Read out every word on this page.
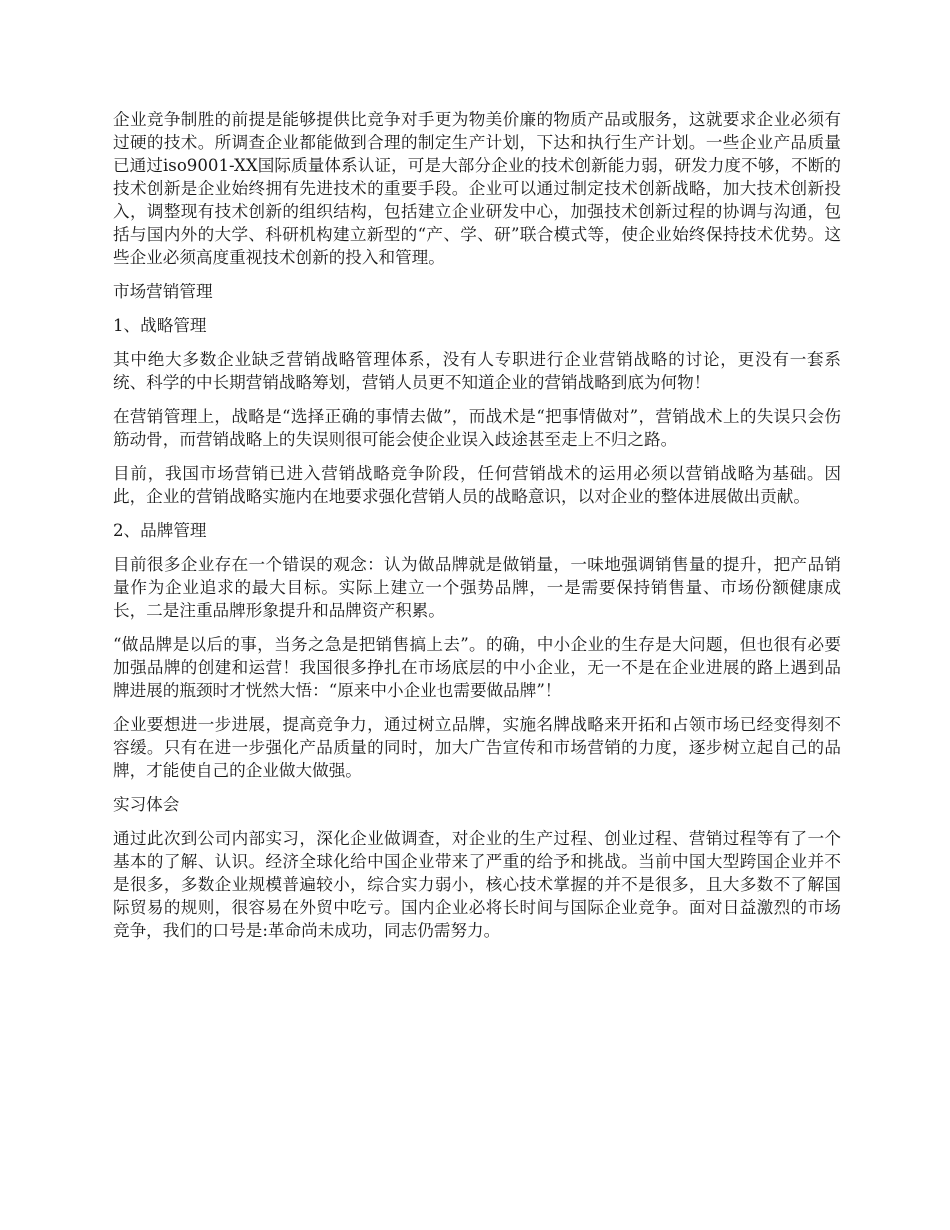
企业竞争制胜的前提是能够提供比竞争对手更为物美价廉的物质产品或服务，这就要求企业必须有过硬的技术。所调查企业都能做到合理的制定生产计划，下达和执行生产计划。一些企业产品质量已通过iso9001-XX国际质量体系认证，可是大部分企业的技术创新能力弱，研发力度不够，不断的技术创新是企业始终拥有先进技术的重要手段。企业可以通过制定技术创新战略，加大技术创新投入，调整现有技术创新的组织结构，包括建立企业研发中心，加强技术创新过程的协调与沟通，包括与国内外的大学、科研机构建立新型的“产、学、研”联合模式等，使企业始终保持技术优势。这些企业必须高度重视技术创新的投入和管理。

市场营销管理

1、战略管理

其中绝大多数企业缺乏营销战略管理体系，没有人专职进行企业营销战略的讨论，更没有一套系统、科学的中长期营销战略筹划，营销人员更不知道企业的营销战略到底为何物！

在营销管理上，战略是“选择正确的事情去做”，而战术是“把事情做对”，营销战术上的失误只会伤筋动骨，而营销战略上的失误则很可能会使企业误入歧途甚至走上不归之路。

目前，我国市场营销已进入营销战略竞争阶段，任何营销战术的运用必须以营销战略为基础。因此，企业的营销战略实施内在地要求强化营销人员的战略意识，以对企业的整体进展做出贡献。

2、品牌管理

目前很多企业存在一个错误的观念：认为做品牌就是做销量，一味地强调销售量的提升，把产品销量作为企业追求的最大目标。实际上建立一个强势品牌，一是需要保持销售量、市场份额健康成长，二是注重品牌形象提升和品牌资产积累。

“做品牌是以后的事，当务之急是把销售搞上去”。的确，中小企业的生存是大问题，但也很有必要加强品牌的创建和运营！我国很多挣扎在市场底层的中小企业，无一不是在企业进展的路上遇到品牌进展的瓶颈时才恍然大悟：“原来中小企业也需要做品牌”！

企业要想进一步进展，提高竞争力，通过树立品牌，实施名牌战略来开拓和占领市场已经变得刻不容缓。只有在进一步强化产品质量的同时，加大广告宣传和市场营销的力度，逐步树立起自己的品牌，才能使自己的企业做大做强。

实习体会

通过此次到公司内部实习，深化企业做调查，对企业的生产过程、创业过程、营销过程等有了一个基本的了解、认识。经济全球化给中国企业带来了严重的给予和挑战。当前中国大型跨国企业并不是很多，多数企业规模普遍较小，综合实力弱小，核心技术掌握的并不是很多，且大多数不了解国际贸易的规则，很容易在外贸中吃亏。国内企业必将长时间与国际企业竞争。面对日益激烈的市场竞争，我们的口号是:革命尚未成功，同志仍需努力。
